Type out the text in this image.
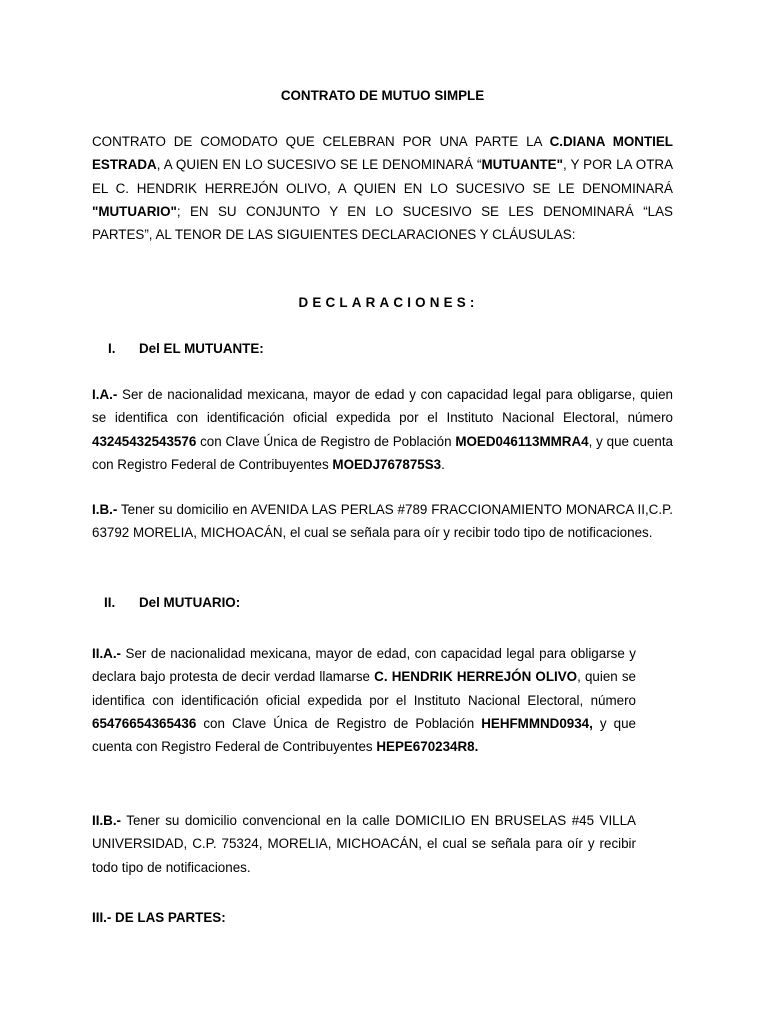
CONTRATO DE MUTUO SIMPLE

CONTRATO DE COMODATO QUE CELEBRAN POR UNA PARTE LA C.DIANA MONTIEL ESTRADA, A QUIEN EN LO SUCESIVO SE LE DENOMINARÁ “MUTUANTE", Y POR LA OTRA EL C. HENDRIK HERREJÓN OLIVO, A QUIEN EN LO SUCESIVO SE LE DENOMINARÁ "MUTUARIO"; EN SU CONJUNTO Y EN LO SUCESIVO SE LES DENOMINARÁ “LAS PARTES”, AL TENOR DE LAS SIGUIENTES DECLARACIONES Y CLÁUSULAS:

DECLARACIONES:

I. Del EL MUTUANTE:

I.A.- Ser de nacionalidad mexicana, mayor de edad y con capacidad legal para obligarse, quien se identifica con identificación oficial expedida por el Instituto Nacional Electoral, número 43245432543576 con Clave Única de Registro de Población MOED046113MMRA4, y que cuenta con Registro Federal de Contribuyentes MOEDJ767875S3.

I.B.- Tener su domicilio en AVENIDA LAS PERLAS #789 FRACCIONAMIENTO MONARCA II,C.P. 63792 MORELIA, MICHOACÁN, el cual se señala para oír y recibir todo tipo de notificaciones.

II. Del MUTUARIO:

II.A.- Ser de nacionalidad mexicana, mayor de edad, con capacidad legal para obligarse y declara bajo protesta de decir verdad llamarse C. HENDRIK HERREJÓN OLIVO, quien se identifica con identificación oficial expedida por el Instituto Nacional Electoral, número 65476654365436 con Clave Única de Registro de Población HEHFMMND0934, y que cuenta con Registro Federal de Contribuyentes HEPE670234R8.

II.B.- Tener su domicilio convencional en la calle DOMICILIO EN BRUSELAS #45 VILLA UNIVERSIDAD, C.P. 75324, MORELIA, MICHOACÁN, el cual se señala para oír y recibir todo tipo de notificaciones.

III.- DE LAS PARTES:
